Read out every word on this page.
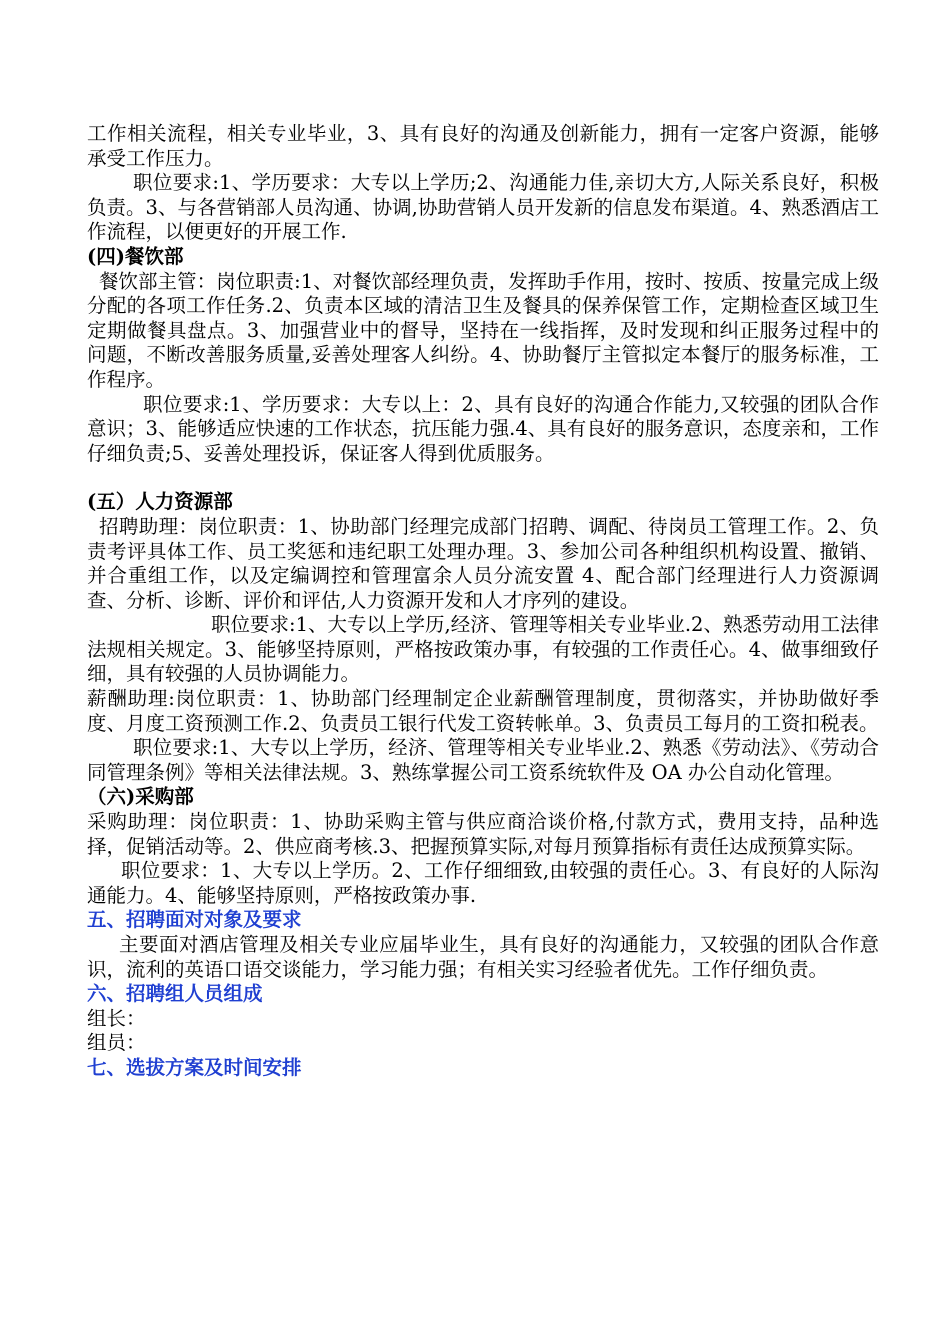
工作相关流程，相关专业毕业，3、具有良好的沟通及创新能力，拥有一定客户资源，能够承受工作压力。

职位要求:1、学历要求：大专以上学历;2、沟通能力佳,亲切大方,人际关系良好，积极负责。3、与各营销部人员沟通、协调,协助营销人员开发新的信息发布渠道。4、熟悉酒店工作流程，以便更好的开展工作.

(四)餐饮部

餐饮部主管：岗位职责:1、对餐饮部经理负责，发挥助手作用，按时、按质、按量完成上级分配的各项工作任务.2、负责本区域的清洁卫生及餐具的保养保管工作，定期检查区域卫生定期做餐具盘点。3、加强营业中的督导，坚持在一线指挥，及时发现和纠正服务过程中的问题，不断改善服务质量,妥善处理客人纠纷。4、协助餐厅主管拟定本餐厅的服务标准，工作程序。

职位要求:1、学历要求：大专以上：2、具有良好的沟通合作能力,又较强的团队合作意识；3、能够适应快速的工作状态，抗压能力强.4、具有良好的服务意识，态度亲和，工作仔细负责;5、妥善处理投诉，保证客人得到优质服务。

(五）人力资源部

招聘助理：岗位职责：1、协助部门经理完成部门招聘、调配、待岗员工管理工作。2、负责考评具体工作、员工奖惩和违纪职工处理办理。3、参加公司各种组织机构设置、撤销、并合重组工作，以及定编调控和管理富余人员分流安置 4、配合部门经理进行人力资源调查、分析、诊断、评价和评估,人力资源开发和人才序列的建设。

职位要求:1、大专以上学历,经济、管理等相关专业毕业.2、熟悉劳动用工法律法规相关规定。3、能够坚持原则，严格按政策办事，有较强的工作责任心。4、做事细致仔细，具有较强的人员协调能力。

薪酬助理:岗位职责：1、协助部门经理制定企业薪酬管理制度，贯彻落实，并协助做好季度、月度工资预测工作.2、负责员工银行代发工资转帐单。3、负责员工每月的工资扣税表。

职位要求:1、大专以上学历，经济、管理等相关专业毕业.2、熟悉《劳动法》、《劳动合同管理条例》等相关法律法规。3、熟练掌握公司工资系统软件及 OA 办公自动化管理。

（六)采购部

采购助理：岗位职责：1、协助采购主管与供应商洽谈价格,付款方式，费用支持，品种选择，促销活动等。2、供应商考核.3、把握预算实际,对每月预算指标有责任达成预算实际。

职位要求：1、大专以上学历。2、工作仔细细致,由较强的责任心。3、有良好的人际沟通能力。4、能够坚持原则，严格按政策办事.

五、招聘面对对象及要求

主要面对酒店管理及相关专业应届毕业生，具有良好的沟通能力，又较强的团队合作意识，流利的英语口语交谈能力，学习能力强；有相关实习经验者优先。工作仔细负责。

六、招聘组人员组成

组长：

组员：

七、选拔方案及时间安排
